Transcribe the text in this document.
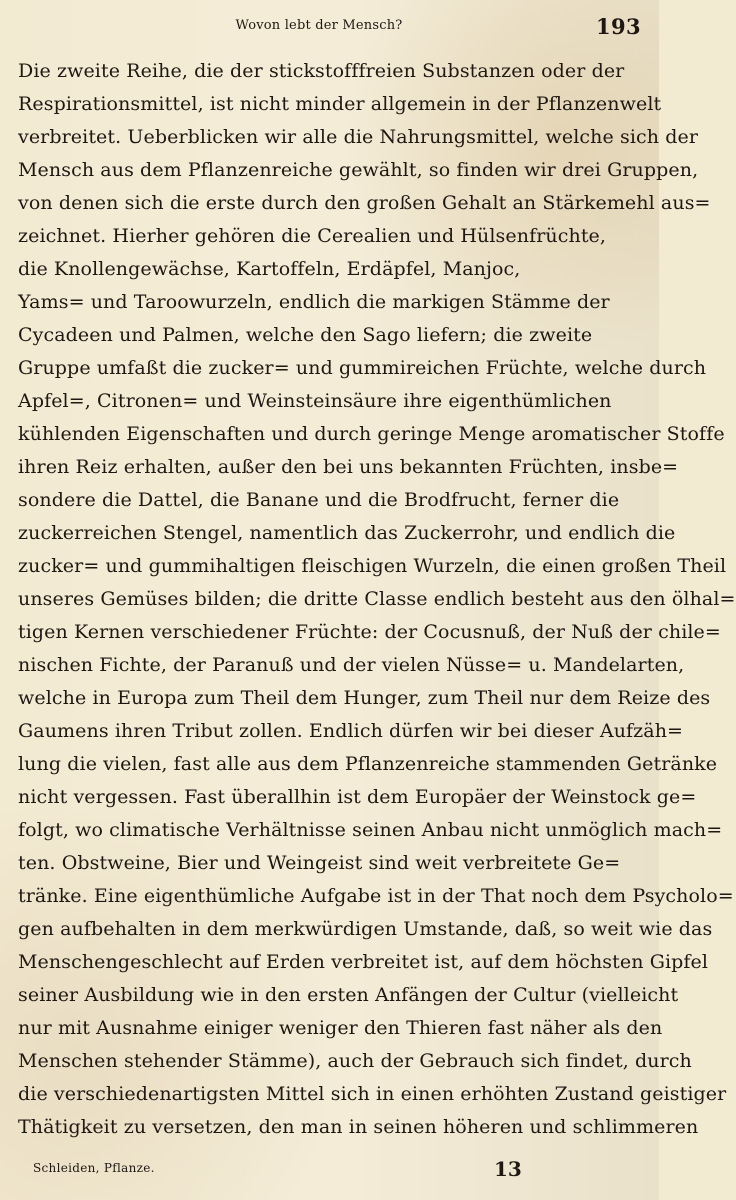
Wovon lebt der Mensch?	193
Die zweite Reihe, die der stickstofffreien Substanzen oder der
Respirationsmittel, ist nicht minder allgemein in der Pflanzenwelt
verbreitet. Ueberblicken wir alle die Nahrungsmittel, welche sich der
Mensch aus dem Pflanzenreiche gewählt, so finden wir drei Gruppen,
von denen sich die erste durch den großen Gehalt an Stärkemehl aus=
zeichnet. Hierher gehören die Cerealien und Hülsenfrüchte,
die Knollengewächse, Kartoffeln, Erdäpfel, Manjoc,
Yams= und Taroowurzeln, endlich die markigen Stämme der
Cycadeen und Palmen, welche den Sago liefern; die zweite
Gruppe umfaßt die zucker= und gummireichen Früchte, welche durch
Apfel=, Citronen= und Weinsteinsäure ihre eigenthümlichen
kühlenden Eigenschaften und durch geringe Menge aromatischer Stoffe
ihren Reiz erhalten, außer den bei uns bekannten Früchten, insbe=
sondere die Dattel, die Banane und die Brodfrucht, ferner die
zuckerreichen Stengel, namentlich das Zuckerrohr, und endlich die
zucker= und gummihaltigen fleischigen Wurzeln, die einen großen Theil
unseres Gemüses bilden; die dritte Classe endlich besteht aus den ölhal=
tigen Kernen verschiedener Früchte: der Cocusnuß, der Nuß der chile=
nischen Fichte, der Paranuß und der vielen Nüsse= u. Mandelarten,
welche in Europa zum Theil dem Hunger, zum Theil nur dem Reize des
Gaumens ihren Tribut zollen. Endlich dürfen wir bei dieser Aufzäh=
lung die vielen, fast alle aus dem Pflanzenreiche stammenden Getränke
nicht vergessen. Fast überallhin ist dem Europäer der Weinstock ge=
folgt, wo climatische Verhältnisse seinen Anbau nicht unmöglich mach=
ten. Obstweine, Bier und Weingeist sind weit verbreitete Ge=
tränke. Eine eigenthümliche Aufgabe ist in der That noch dem Psycholo=
gen aufbehalten in dem merkwürdigen Umstande, daß, so weit wie das
Menschengeschlecht auf Erden verbreitet ist, auf dem höchsten Gipfel
seiner Ausbildung wie in den ersten Anfängen der Cultur (vielleicht
nur mit Ausnahme einiger weniger den Thieren fast näher als den
Menschen stehender Stämme), auch der Gebrauch sich findet, durch
die verschiedenartigsten Mittel sich in einen erhöhten Zustand geistiger
Thätigkeit zu versetzen, den man in seinen höheren und schlimmeren
Schleiden, Pflanze.	13
